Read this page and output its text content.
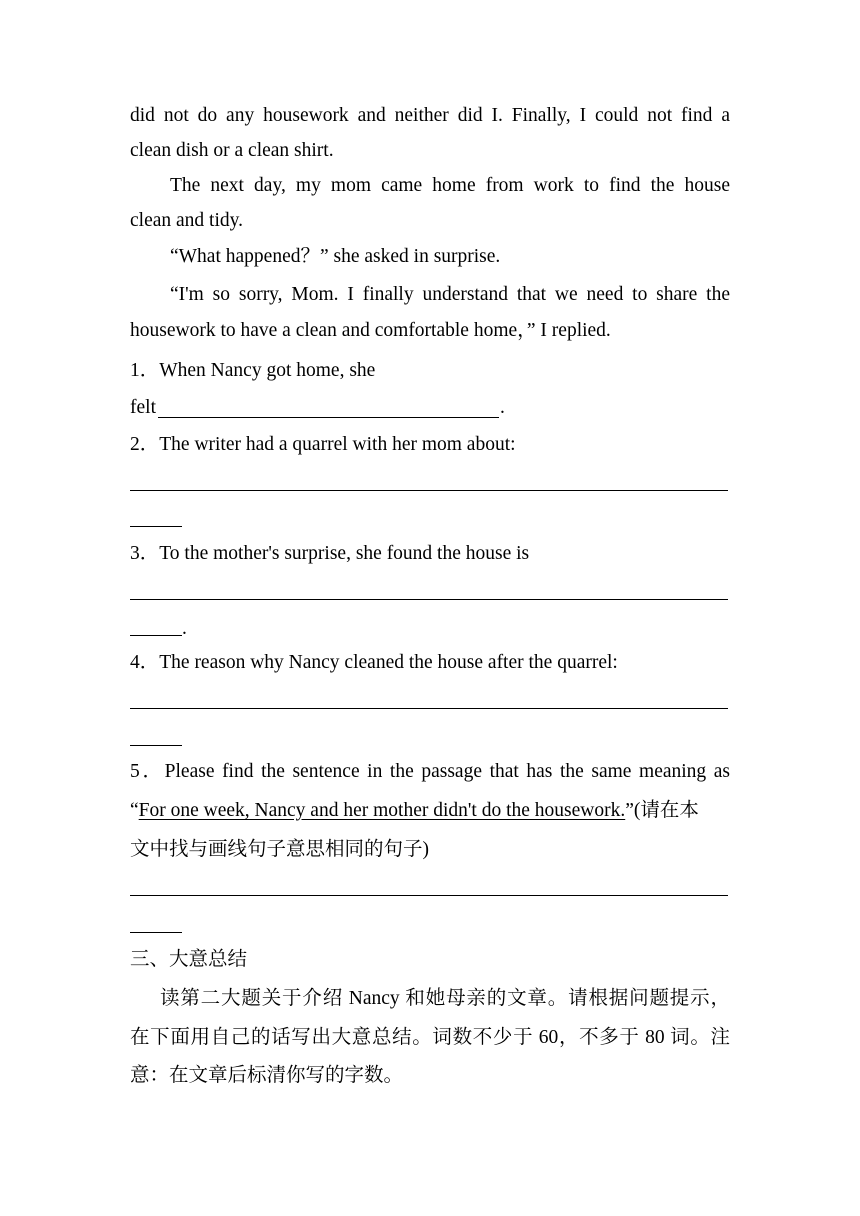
did not do any housework and neither did I. Finally, I could not find a
clean dish or a clean shirt.
The next day, my mom came home from work to find the house
clean and tidy.
“What happened？” she asked in surprise.
“I'm so sorry, Mom. I finally understand that we need to share the
housework to have a clean and comfortable home，” I replied.
1．When Nancy got home, she
felt	.
2．The writer had a quarrel with her mom about:
3．To the mother's surprise, she found the house is
.
4．The reason why Nancy cleaned the house after the quarrel:
5．Please find the sentence in the passage that has the same meaning as
“For one week, Nancy and her mother didn't do the housework.”(请在本
文中找与画线句子意思相同的句子)
三、大意总结
读第二大题关于介绍 Nancy 和她母亲的文章。请根据问题提示，
在下面用自己的话写出大意总结。词数不少于 60，不多于 80 词。注
意：在文章后标清你写的字数。
